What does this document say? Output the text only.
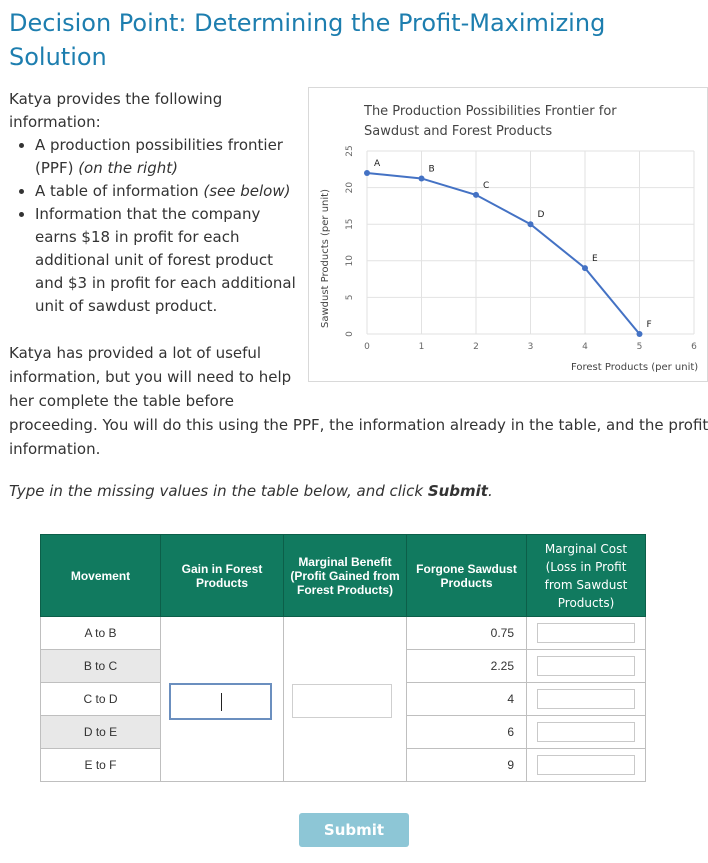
Decision Point: Determining the Profit-Maximizing Solution
Katya provides the following information:
• A production possibilities frontier (PPF) (on the right)
• A table of information (see below)
• Information that the company earns $18 in profit for each additional unit of forest product and $3 in profit for each additional unit of sawdust product.
Katya has provided a lot of useful information, but you will need to help her complete the table before
proceeding. You will do this using the PPF, the information already in the table, and the profit information.
Type in the missing values in the table below, and click Submit.
The Production Possibilities Frontier for
Sawdust and Forest Products
Sawdust Products (per unit)
Forest Products (per unit)
0
5
10
15
20
25
0	1	2	3	4	5	6
A
B
C
D
E
F
Movement	Gain in Forest Products	Marginal Benefit (Profit Gained from Forest Products)	Forgone Sawdust Products	Marginal Cost (Loss in Profit from Sawdust Products)
A to B			0.75	
B to C			2.25	
C to D			4	
D to E			6	
E to F			9	
Submit
